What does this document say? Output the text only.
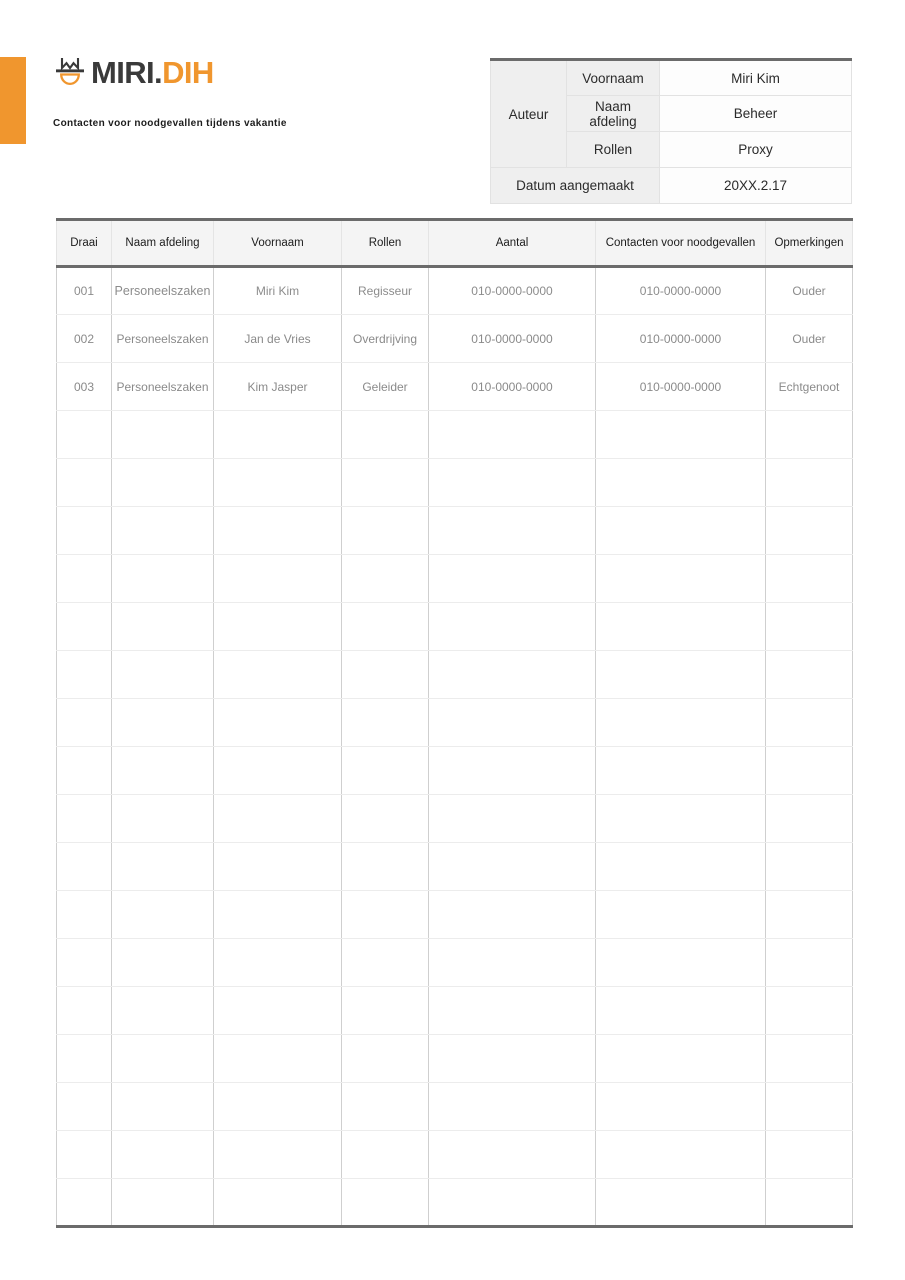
MIRI.DIH
Contacten voor noodgevallen tijdens vakantie
Auteur	Voornaam	Miri Kim
	Naam afdeling	Beheer
	Rollen	Proxy
Datum aangemaakt		20XX.2.17
Draai	Naam afdeling	Voornaam	Rollen	Aantal	Contacten voor noodgevallen	Opmerkingen
001	Personeelszaken	Miri Kim	Regisseur	010-0000-0000	010-0000-0000	Ouder
002	Personeelszaken	Jan de Vries	Overdrijving	010-0000-0000	010-0000-0000	Ouder
003	Personeelszaken	Kim Jasper	Geleider	010-0000-0000	010-0000-0000	Echtgenoot
